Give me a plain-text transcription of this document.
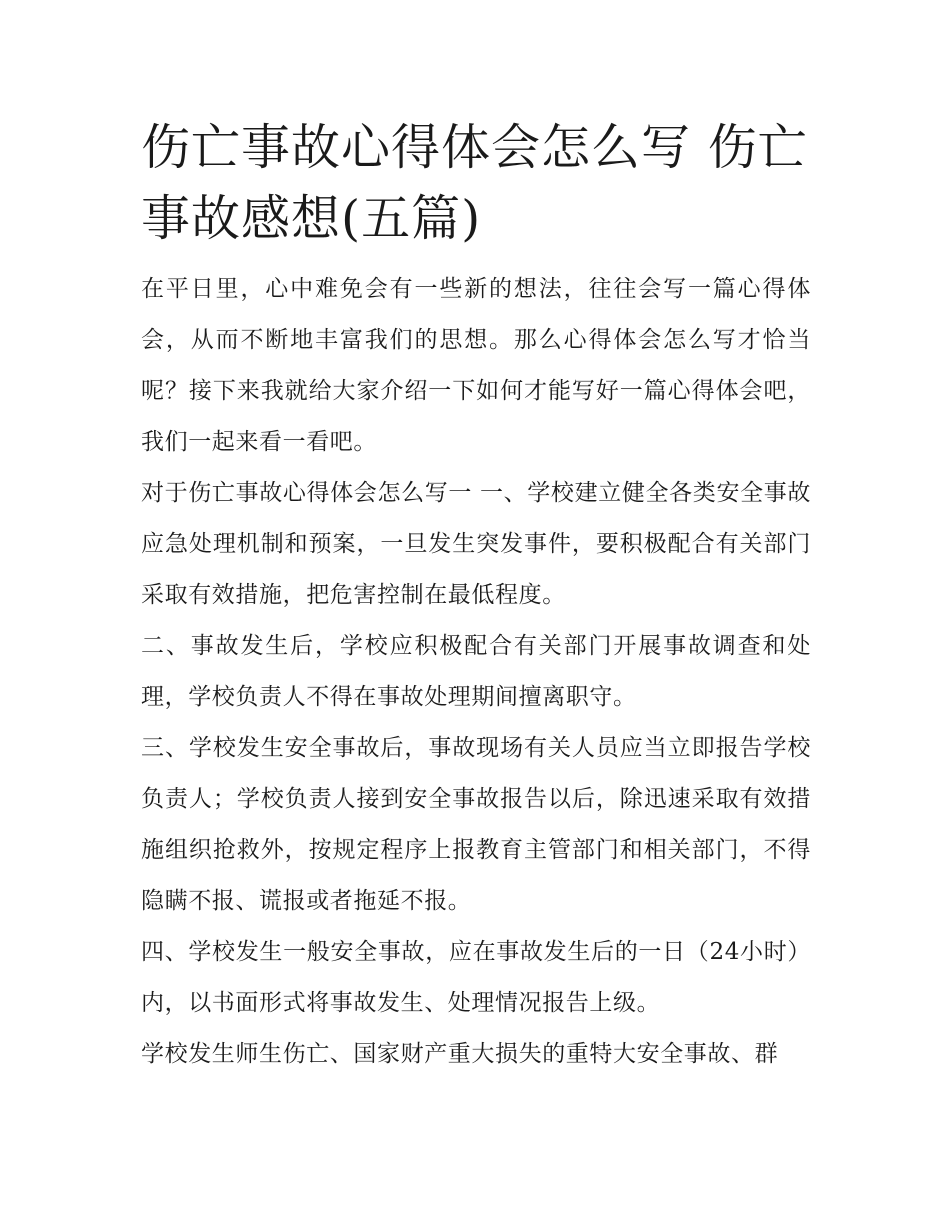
伤亡事故心得体会怎么写 伤亡事故感想(五篇)

在平日里，心中难免会有一些新的想法，往往会写一篇心得体会，从而不断地丰富我们的思想。那么心得体会怎么写才恰当呢？接下来我就给大家介绍一下如何才能写好一篇心得体会吧，我们一起来看一看吧。

对于伤亡事故心得体会怎么写一 一、学校建立健全各类安全事故应急处理机制和预案，一旦发生突发事件，要积极配合有关部门采取有效措施，把危害控制在最低程度。

二、事故发生后，学校应积极配合有关部门开展事故调查和处理，学校负责人不得在事故处理期间擅离职守。

三、学校发生安全事故后，事故现场有关人员应当立即报告学校负责人；学校负责人接到安全事故报告以后，除迅速采取有效措施组织抢救外，按规定程序上报教育主管部门和相关部门，不得隐瞒不报、谎报或者拖延不报。

四、学校发生一般安全事故，应在事故发生后的一日（24小时）内，以书面形式将事故发生、处理情况报告上级。

学校发生师生伤亡、国家财产重大损失的重特大安全事故、群
